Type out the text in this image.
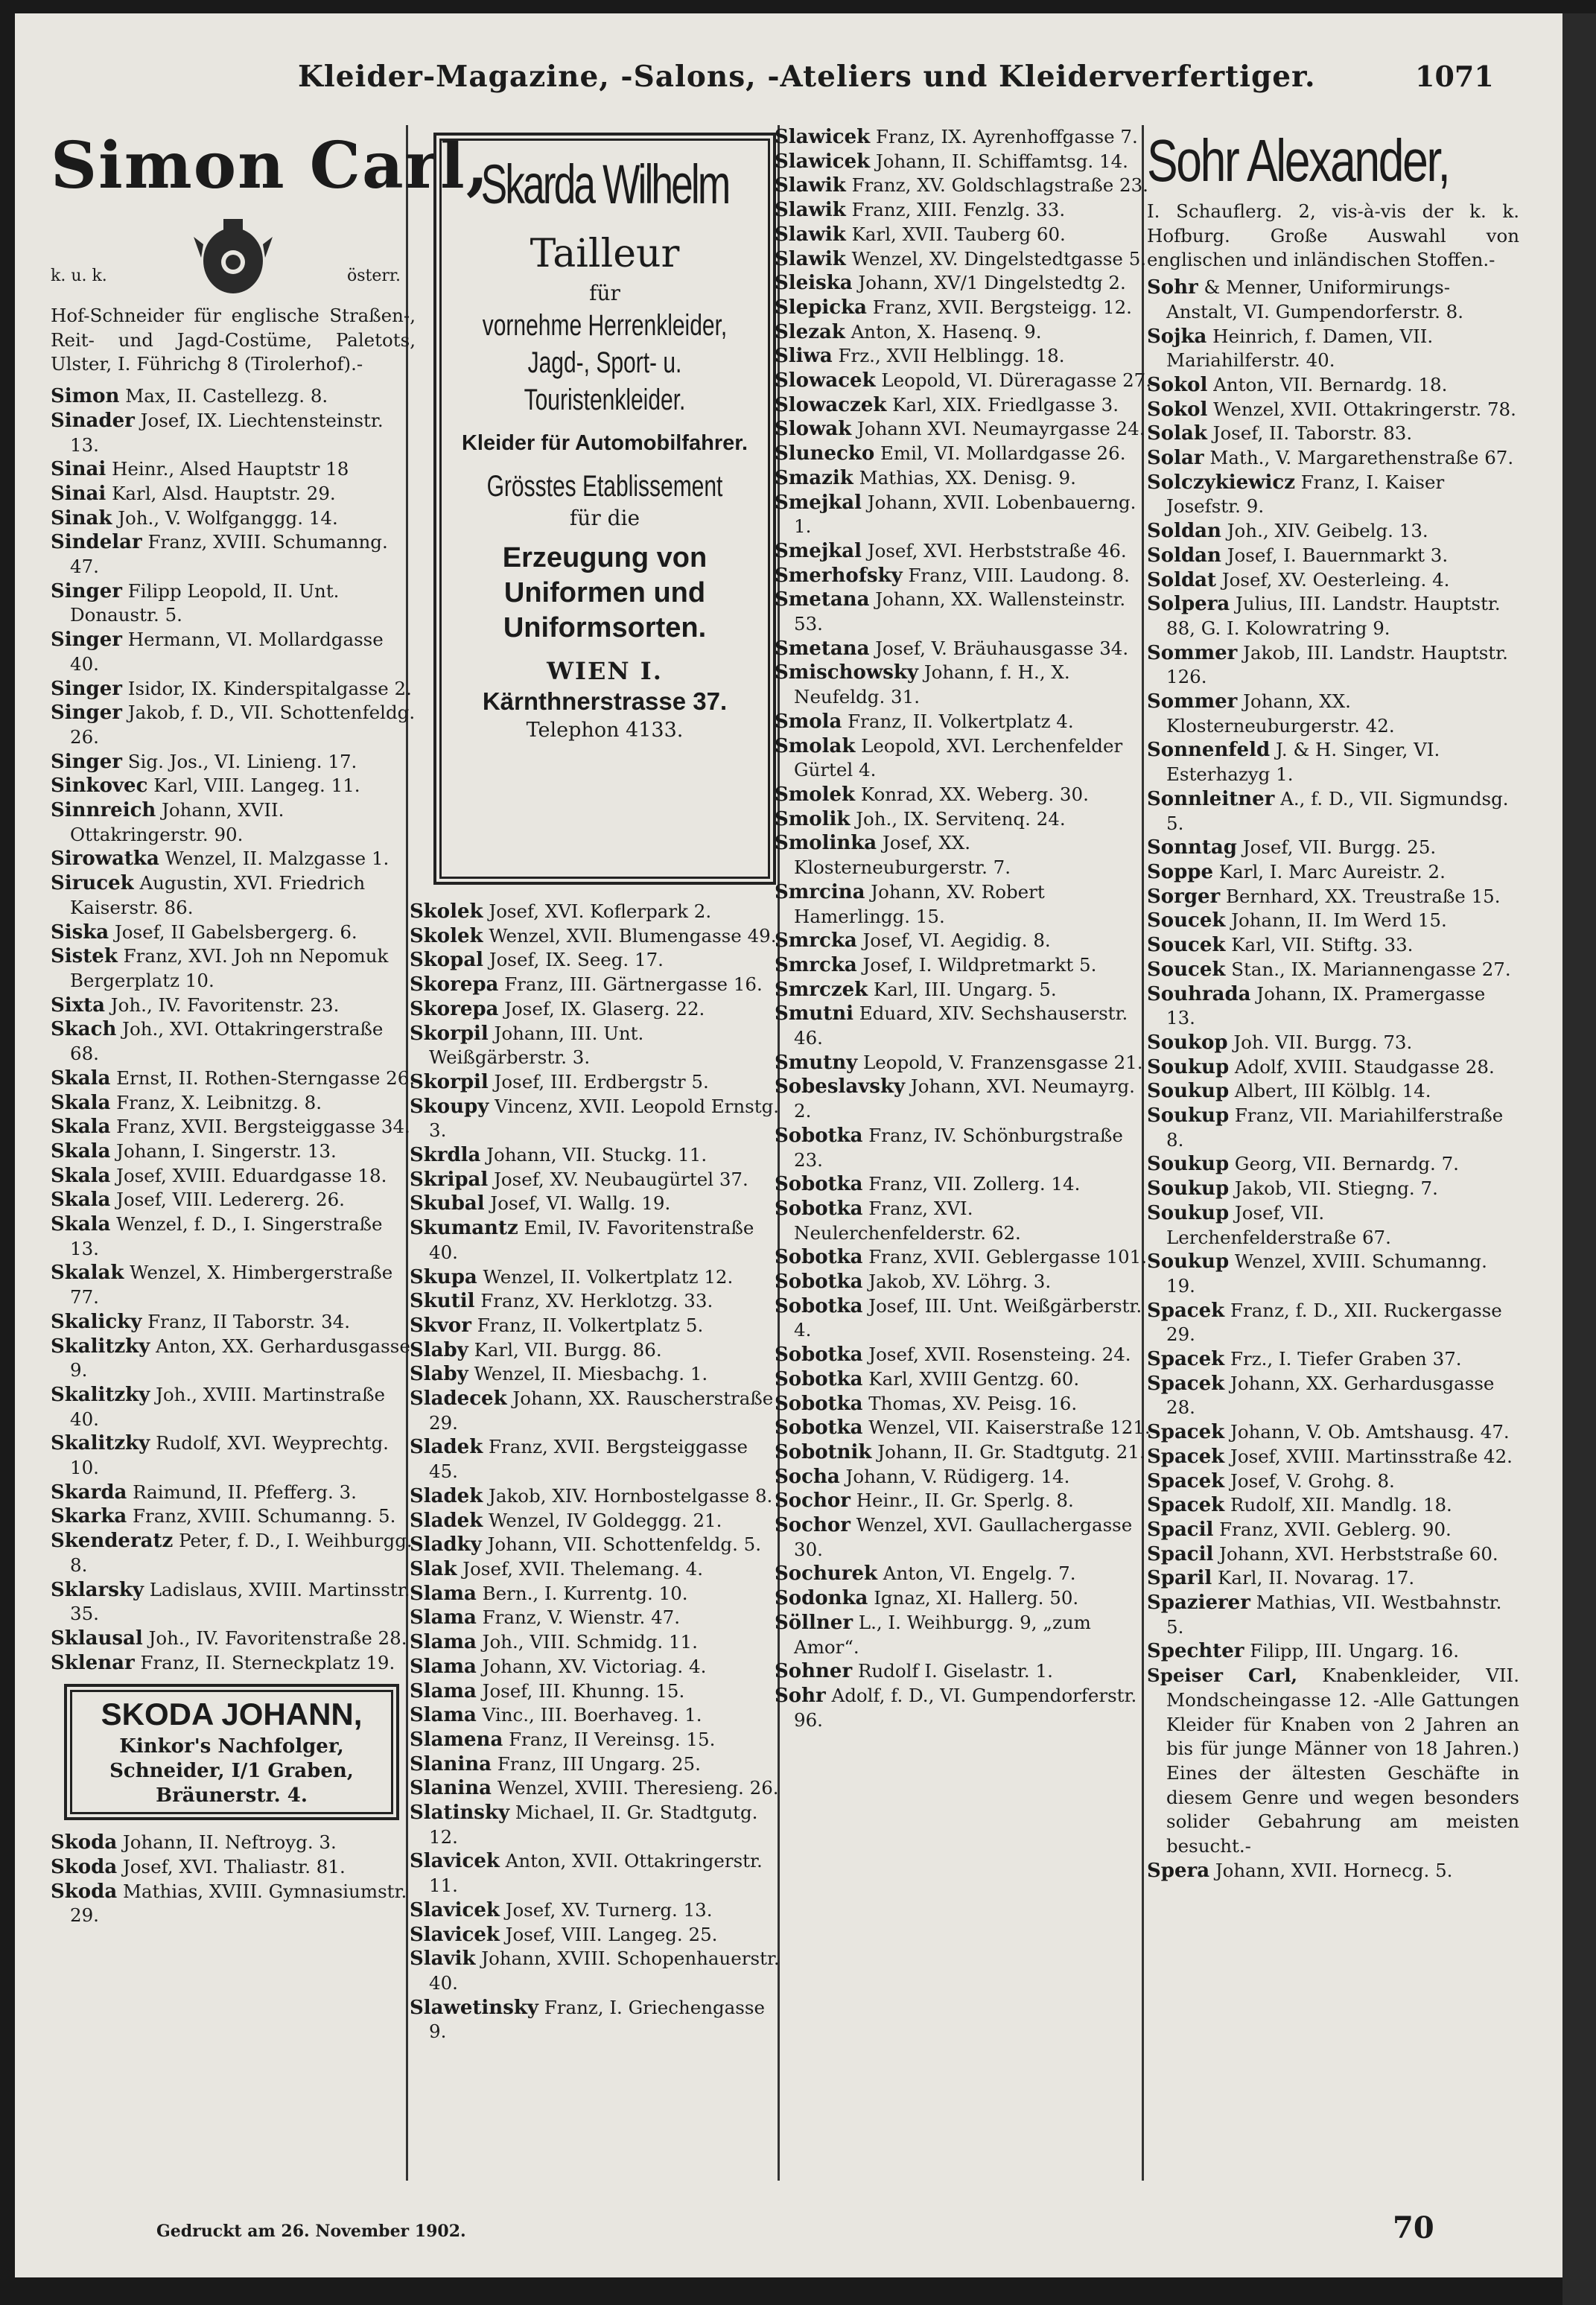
Kleider-Magazine, -Salons, -Ateliers und Kleiderverfertiger.	1071
Simon Carl,
k. u. k.	österr.

Hof-Schneider für englische Straßen-, Reit- und Jagd-Costüme, Paletots, Ulster, I. Führichg 8 (Tirolerhof).-

Simon Max, II. Castellezg. 8.

Sinader Josef, IX. Liechtensteinstr. 13.

Sinai Heinr., Alsed Hauptstr 18

Sinai Karl, Alsd. Hauptstr. 29.

Sinak Joh., V. Wolfganggg. 14.

Sindelar Franz, XVIII. Schumanng. 47.

Singer Filipp Leopold, II. Unt. Donaustr. 5.

Singer Hermann, VI. Mollardgasse 40.

Singer Isidor, IX. Kinderspitalgasse 2.

Singer Jakob, f. D., VII. Schottenfeldg. 26.

Singer Sig. Jos., VI. Linieng. 17.

Sinkovec Karl, VIII. Langeg. 11.

Sinnreich Johann, XVII. Ottakringerstr. 90.

Sirowatka Wenzel, II. Malzgasse 1.

Sirucek Augustin, XVI. Friedrich Kaiserstr. 86.

Siska Josef, II Gabelsbergerg. 6.

Sistek Franz, XVI. Joh nn Nepomuk Bergerplatz 10.

Sixta Joh., IV. Favoritenstr. 23.

Skach Joh., XVI. Ottakringerstraße 68.

Skala Ernst, II. Rothen-Sterngasse 26.

Skala Franz, X. Leibnitzg. 8.

Skala Franz, XVII. Bergsteiggasse 34.

Skala Johann, I. Singerstr. 13.

Skala Josef, XVIII. Eduardgasse 18.

Skala Josef, VIII. Ledererg. 26.

Skala Wenzel, f. D., I. Singerstraße 13.

Skalak Wenzel, X. Himbergerstraße 77.

Skalicky Franz, II Taborstr. 34.

Skalitzky Anton, XX. Gerhardusgasse 9.

Skalitzky Joh., XVIII. Martinstraße 40.

Skalitzky Rudolf, XVI. Weyprechtg. 10.

Skarda Raimund, II. Pfefferg. 3.

Skarka Franz, XVIII. Schumanng. 5.

Skenderatz Peter, f. D., I. Weihburgg. 8.

Sklarsky Ladislaus, XVIII. Martinsstr. 35.

Sklausal Joh., IV. Favoritenstraße 28.

Sklenar Franz, II. Sterneckplatz 19.

SKODA JOHANN,
Kinkor's Nachfolger,
Schneider, I/1 Graben,
Bräunerstr. 4.

Skoda Johann, II. Neftroyg. 3.

Skoda Josef, XVI. Thaliastr. 81.

Skoda Mathias, XVIII. Gymnasiumstr. 29.

Skarda Wilhelm
Tailleur
für
vornehme Herrenkleider,
Jagd-, Sport- u. Touristenkleider.
Kleider für Automobilfahrer.
Grösstes Etablissement
für die
Erzeugung von Uniformen und Uniformsorten.
WIEN I.
Kärnthnerstrasse 37.
Telephon 4133.

Skolek Josef, XVI. Koflerpark 2.

Skolek Wenzel, XVII. Blumengasse 49.

Skopal Josef, IX. Seeg. 17.

Skorepa Franz, III. Gärtnergasse 16.

Skorepa Josef, IX. Glaserg. 22.

Skorpil Johann, III. Unt. Weißgärberstr. 3.

Skorpil Josef, III. Erdbergstr 5.

Skoupy Vincenz, XVII. Leopold Ernstg. 3.

Skrdla Johann, VII. Stuckg. 11.

Skripal Josef, XV. Neubaugürtel 37.

Skubal Josef, VI. Wallg. 19.

Skumantz Emil, IV. Favoritenstraße 40.

Skupa Wenzel, II. Volkertplatz 12.

Skutil Franz, XV. Herklotzg. 33.

Skvor Franz, II. Volkertplatz 5.

Slaby Karl, VII. Burgg. 86.

Slaby Wenzel, II. Miesbachg. 1.

Sladecek Johann, XX. Rauscherstraße 29.

Sladek Franz, XVII. Bergsteiggasse 45.

Sladek Jakob, XIV. Hornbostelgasse 8.

Sladek Wenzel, IV Goldeggg. 21.

Sladky Johann, VII. Schottenfeldg. 5.

Slak Josef, XVII. Thelemang. 4.

Slama Bern., I. Kurrentg. 10.

Slama Franz, V. Wienstr. 47.

Slama Joh., VIII. Schmidg. 11.

Slama Johann, XV. Victoriag. 4.

Slama Josef, III. Khunng. 15.

Slama Vinc., III. Boerhaveg. 1.

Slamena Franz, II Vereinsg. 15.

Slanina Franz, III Ungarg. 25.

Slanina Wenzel, XVIII. Theresieng. 26.

Slatinsky Michael, II. Gr. Stadtgutg. 12.

Slavicek Anton, XVII. Ottakringerstr. 11.

Slavicek Josef, XV. Turnerg. 13.

Slavicek Josef, VIII. Langeg. 25.

Slavik Johann, XVIII. Schopenhauerstr. 40.

Slawetinsky Franz, I. Griechengasse 9.

Slawicek Franz, IX. Ayrenhoffgasse 7.

Slawicek Johann, II. Schiffamtsg. 14.

Slawik Franz, XV. Goldschlagstraße 23.

Slawik Franz, XIII. Fenzlg. 33.

Slawik Karl, XVII. Tauberg 60.

Slawik Wenzel, XV. Dingelstedtgasse 5.

Sleiska Johann, XV/1 Dingelstedtg 2.

Slepicka Franz, XVII. Bergsteigg. 12.

Slezak Anton, X. Hasenq. 9.

Sliwa Frz., XVII Helblingg. 18.

Slowacek Leopold, VI. Düreragasse 27.

Slowaczek Karl, XIX. Friedlgasse 3.

Slowak Johann XVI. Neumayrgasse 24.

Slunecko Emil, VI. Mollardgasse 26.

Smazik Mathias, XX. Denisg. 9.

Smejkal Johann, XVII. Lobenbauerng. 1.

Smejkal Josef, XVI. Herbststraße 46.

Smerhofsky Franz, VIII. Laudong. 8.

Smetana Johann, XX. Wallensteinstr. 53.

Smetana Josef, V. Bräuhausgasse 34.

Smischowsky Johann, f. H., X. Neufeldg. 31.

Smola Franz, II. Volkertplatz 4.

Smolak Leopold, XVI. Lerchenfelder Gürtel 4.

Smolek Konrad, XX. Weberg. 30.

Smolik Joh., IX. Servitenq. 24.

Smolinka Josef, XX. Klosterneuburgerstr. 7.

Smrcina Johann, XV. Robert Hamerlingg. 15.

Smrcka Josef, VI. Aegidig. 8.

Smrcka Josef, I. Wildpretmarkt 5.

Smrczek Karl, III. Ungarg. 5.

Smutni Eduard, XIV. Sechshauserstr. 46.

Smutny Leopold, V. Franzensgasse 21.

Sobeslavsky Johann, XVI. Neumayrg. 2.

Sobotka Franz, IV. Schönburgstraße 23.

Sobotka Franz, VII. Zollerg. 14.

Sobotka Franz, XVI. Neulerchenfelderstr. 62.

Sobotka Franz, XVII. Geblergasse 101.

Sobotka Jakob, XV. Löhrg. 3.

Sobotka Josef, III. Unt. Weißgärberstr. 4.

Sobotka Josef, XVII. Rosensteing. 24.

Sobotka Karl, XVIII Gentzg. 60.

Sobotka Thomas, XV. Peisg. 16.

Sobotka Wenzel, VII. Kaiserstraße 121.

Sobotnik Johann, II. Gr. Stadtgutg. 21.

Socha Johann, V. Rüdigerg. 14.

Sochor Heinr., II. Gr. Sperlg. 8.

Sochor Wenzel, XVI. Gaullachergasse 30.

Sochurek Anton, VI. Engelg. 7.

Sodonka Ignaz, XI. Hallerg. 50.

Söllner L., I. Weihburgg. 9, „zum Amor“.

Sohner Rudolf I. Giselastr. 1.

Sohr Adolf, f. D., VI. Gumpendorferstr. 96.

Sohr Alexander,

I. Schauflerg. 2, vis-à-vis der k. k. Hofburg. Große Auswahl von englischen und inländischen Stoffen.-

Sohr & Menner, Uniformirungs-Anstalt, VI. Gumpendorferstr. 8.

Sojka Heinrich, f. Damen, VII. Mariahilferstr. 40.

Sokol Anton, VII. Bernardg. 18.

Sokol Wenzel, XVII. Ottakringerstr. 78.

Solak Josef, II. Taborstr. 83.

Solar Math., V. Margarethenstraße 67.

Solczykiewicz Franz, I. Kaiser Josefstr. 9.

Soldan Joh., XIV. Geibelg. 13.

Soldan Josef, I. Bauernmarkt 3.

Soldat Josef, XV. Oesterleing. 4.

Solpera Julius, III. Landstr. Hauptstr. 88, G. I. Kolowratring 9.

Sommer Jakob, III. Landstr. Hauptstr. 126.

Sommer Johann, XX. Klosterneuburgerstr. 42.

Sonnenfeld J. & H. Singer, VI. Esterhazyg 1.

Sonnleitner A., f. D., VII. Sigmundsg. 5.

Sonntag Josef, VII. Burgg. 25.

Soppe Karl, I. Marc Aureistr. 2.

Sorger Bernhard, XX. Treustraße 15.

Soucek Johann, II. Im Werd 15.

Soucek Karl, VII. Stiftg. 33.

Soucek Stan., IX. Mariannengasse 27.

Souhrada Johann, IX. Pramergasse 13.

Soukop Joh. VII. Burgg. 73.

Soukup Adolf, XVIII. Staudgasse 28.

Soukup Albert, III Kölblg. 14.

Soukup Franz, VII. Mariahilferstraße 8.

Soukup Georg, VII. Bernardg. 7.

Soukup Jakob, VII. Stiegng. 7.

Soukup Josef, VII. Lerchenfelderstraße 67.

Soukup Wenzel, XVIII. Schumanng. 19.

Spacek Franz, f. D., XII. Ruckergasse 29.

Spacek Frz., I. Tiefer Graben 37.

Spacek Johann, XX. Gerhardusgasse 28.

Spacek Johann, V. Ob. Amtshausg. 47.

Spacek Josef, XVIII. Martinsstraße 42.

Spacek Josef, V. Grohg. 8.

Spacek Rudolf, XII. Mandlg. 18.

Spacil Franz, XVII. Geblerg. 90.

Spacil Johann, XVI. Herbststraße 60.

Sparil Karl, II. Novarag. 17.

Spazierer Mathias, VII. Westbahnstr. 5.

Spechter Filipp, III. Ungarg. 16.

Speiser Carl, Knabenkleider, VII. Mondscheingasse 12. -Alle Gattungen Kleider für Knaben von 2 Jahren an bis für junge Männer von 18 Jahren.) Eines der ältesten Geschäfte in diesem Genre und wegen besonders solider Gebahrung am meisten besucht.-

Spera Johann, XVII. Hornecg. 5.

Gedruckt am 26. November 1902.	70
